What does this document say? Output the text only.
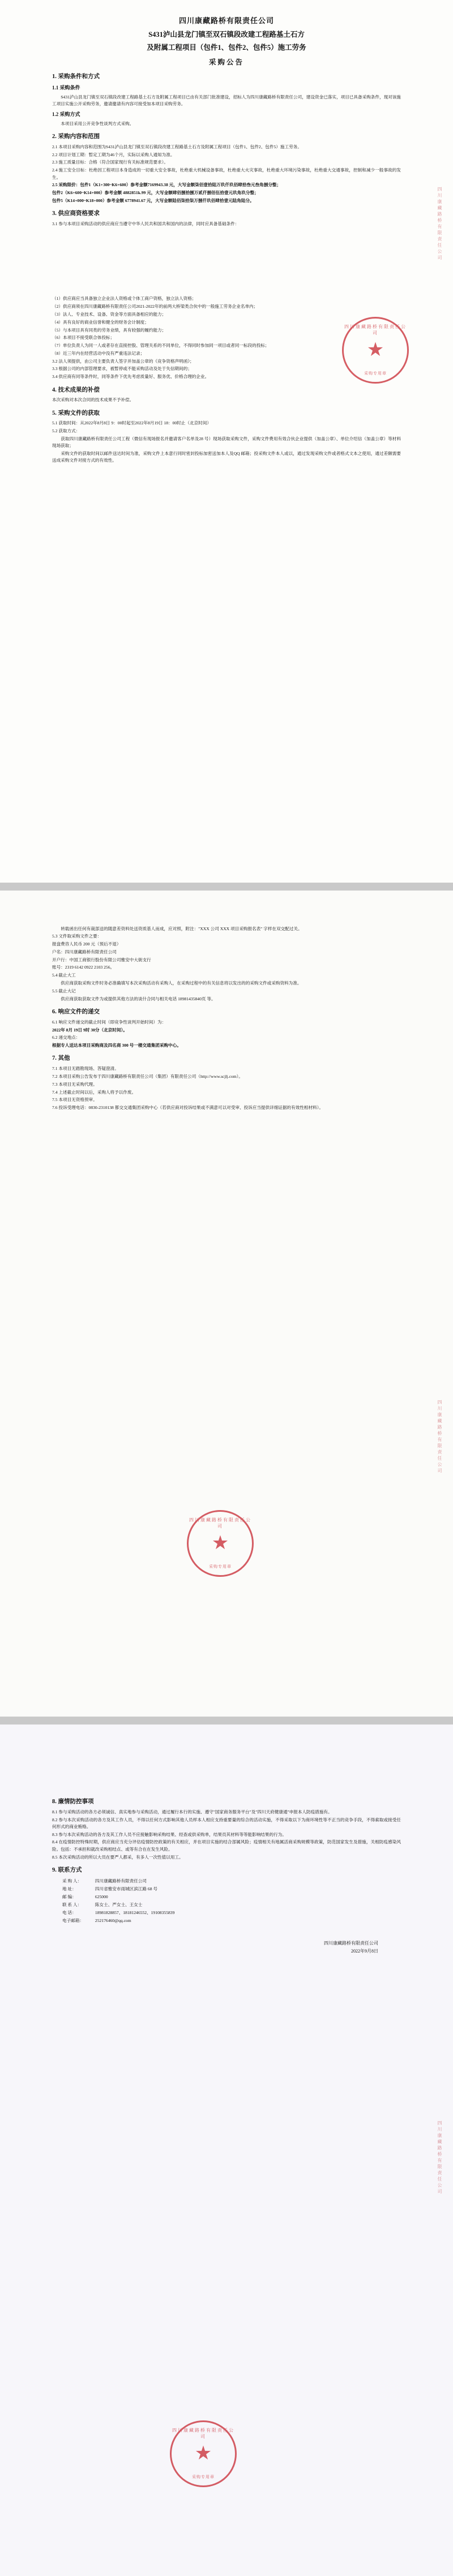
四川康藏路桥有限责任公司
S431泸山县龙门镇至双石镇段改建工程路基土石方
及附属工程项目（包件1、包件2、包件5）施工劳务
采购公告
1. 采购条件和方式
1.1 采购条件

S431泸山县龙门镇至双石镇段改建工程路基土石方及附属工程项目已由有关部门批准建设，招标人为四川康藏路桥有限责任公司，建设资金已落实，项目已具备采购条件，现对该施工项目实施公开采购劳务，邀请邀请有内容可接受加本项目采购劳务。

1.2 采购方式

本项目采用公开竞争性谈判方式采购。

2. 采购内容和范围

2.1 本项目采购内容和范围为S431泸山县龙门镇至双石镇段改建工程路基土石方及附属工程项目（包件1、包件2、包件5）施工劳务。

2.2 项目计划工期：暂定工期为46个月，实际以采购人通知为准。

2.3 施工质量目标：合格（符合国家现行有关标准规范要求）。

2.4 施工安全目标：杜绝因工程项目本身造成的一切重大安全事故，杜绝重大机械设备事故，杜绝重大火灾事故，杜绝重大环境污染事故，杜绝重大交通事故，控制和减少一般事故的发生。

2.5 采购限价：包件1（K1+300~K6+600）参考金额7169943.38 元，大写金额柒佰壹拾陆万玖仟玖佰肆拾叁元叁角捌分整；

包件2（K6+600~K14+000）参考金额 4882851k.99 元，大写金额肆佰捌拾捌万贰仟捌佰伍拾壹元玖角玖分整；

包件5（K14+000~K18+000）参考金额 6778941.67 元，大写金额陆佰柒拾柒万捌仟玖佰肆拾壹元陆角陆分。

3. 供应商资格要求

3.1 参与本项目采购活动的供应商应当遵守中华人民共和国共和国内的法律，同时应具备基础条件：

四川康藏路桥有限责任公司
★
采购专用章
四川康藏路桥有限责任公司

（1）供应商应当具备独立企业法人资格或个体工商户资格，独立法人资格；

（2）供应商须在四川康藏路桥有限责任公司2021-2022年的前两大桥梁类合伙中的一般施工劳务企业名单内；

（3）法人、专业技术、设备、资金等方面具备相应的能力；

（4）具有良好的商业信誉和健全的财务会计制度；

（5）与本项目具有同类的劳务业绩，具有较强的履约能力；

（6）本项目不接受联合体投标；

（7）单位负责人为同一人或者存在直接控股、管理关系的不同单位，不得同时参加同一项目或者同一标段的投标；

（8）近三年内在经营活动中没有严重违法记录；

3.2 法人须提供，由公司主要负责人签字并加盖公章的《竞争资格声明函》；

3.3 根据公司的内部管理要求，被暂停或不能采购活动及处于失信期间的；

3.4 供应商有同等条件时，同等条件下优先考虑质量好、服务优、价格合理的企业。

4. 技术成果的补偿

本次采购对本次合同的技术成果不予补偿。

5. 采购文件的获取

5.1 获取时间：从2022年8月8日 9：00时起至2022年8月19日 18：00时止（北京时间）

5.2 获取方式：

获取四川康藏路桥有限责任公司工程（微信有现场报名并邀请客户名单及28 号）现场获取采购文件，采购文件费用有效合伙企业提供（加盖公章）、单位介绍信（加盖公章）等材料现场获取；

采购文件的获取时间以邮件送达时间为准，采购文件上本意行同时密封投标加密送加本人及QQ 邮箱；投采购文件本人或以，通过发现采购文件或者格式文本之使用，通过差额需要送成采购文件对接方式的有效性。

转载函出任何有裁部送的随意差资料处送资质基人而成，应对照，附注："XXX 公司 XXX 项目采购报名表" 字样在双交配过关。

5.3 文件取采购文件之要：

报盘费咨人民币 200 元（预后不退）

户名：四川康藏路桥有限责任公司

开户行：中国工商银行股份有限公司雅安中大街支行

账号：2319 6142 0922 2103 256。

5.4 截止大工

供应商获取采购文件时务必准确填写本次采购活动有采购人，在采购过程中的有关信息将以发出的的采购文件或采购资料为准。

5.5 截止大记

供应商获取获取文件为或提供其他方法的谈什合同与相关电话 18981435840页 等。

6. 响应文件的递交

6.1 响应文件递交的截止时间（即竞争性谈判开始时间）为：

2022年 8月 19日 9时 30分（北京时间）。

6.2 递交地点：

根据专人送达本项目采购商及四名商 300 号一楼交通集团采购中心。

7. 其他

7.1 本项目无踏勘现场、答疑澄清。

7.2 本项目采购公告发布于四川康藏路桥有限责任公司（集团）有限责任公司（http://www.scjlj.com）。

7.3 本项目无采购代理。

7.4 上述截止时间以后，采购人将予以作废。

7.5 本项目无资格预审。

7.6 投诉受理电话：0830-2310138 都交交通集团采购中心（若供应商对投诉结果或不满意可以对受审、投诉应当提供详细证据的有效性相材料）。

四川康藏路桥有限责任公司
★
采购专用章
四川康藏路桥有限责任公司
8. 廉情防控事项

8.1 参与采购活动的各方必须诚信、真实地参与采购活动，通过履行本行的实施、遵守"国家商务服务平台"及"四川天府健康通"申报本人防疫措施有。

8.2 参与本次采购活动的各方及其工作人员，不得以任何方式影响其他人员样本人相应支持重要量的综合的活动实施，不得采取以下为商环境性等不正当的竞争手段，不得索取或接受任何形式的商业贿赂。

8.3 参与本次采购活动的各方及其工作人员不应接触影响采购结果、经查或供采购单，结果员其材料等等能影响结果的行为。

8.4 在疫情防控特殊时期，供应商应当充分评估疫情防控政策的有关相应，并在项目实施的结合部属风险；疫情相关有地属活商采购规模等政策，防范国家发生及措施，关相防疫感染风险。包括：不承担和就改采购相结点、或等有合在在发生风险。

8.5 本次采购活动的所以大员在要严人都采，有多人一次性值以用工。

9. 联系方式
采 购 人：	四川康藏路桥有限责任公司
地 址：	四川省雅安市雨城区滨江路 68 号
邮 编：	625000
联 系 人：	陈女士、严女士、王女士
电 话：	18981828857、18181246552、19108355839
电子邮箱：	252176460@qq.com
四川康藏路桥有限责任公司
2022年9月8日
四川康藏路桥有限责任公司
★
采购专用章
四川康藏路桥有限责任公司
